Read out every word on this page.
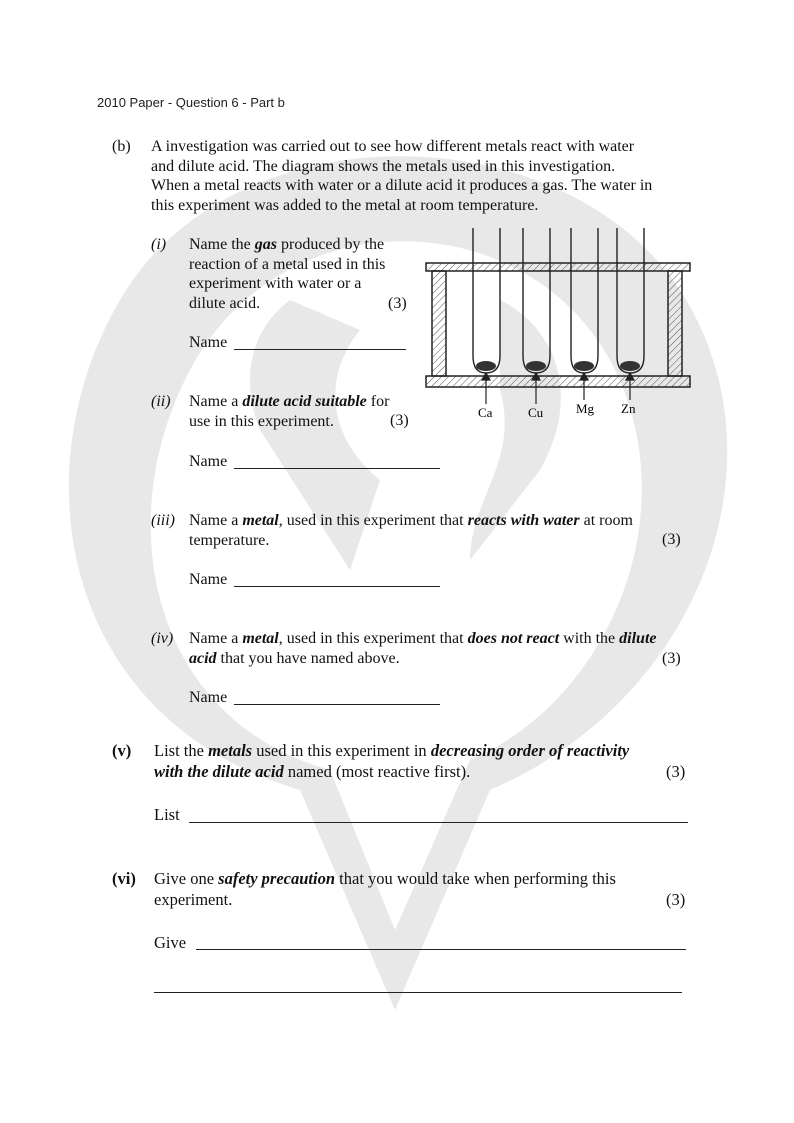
2010 Paper - Question 6 - Part b
(b) A investigation was carried out to see how different metals react with water
and dilute acid. The diagram shows the metals used in this investigation.
When a metal reacts with water or a dilute acid it produces a gas. The water in
this experiment was added to the metal at room temperature.
Ca	Cu	Mg Zn
(i) Name the gas produced by the
reaction of a metal used in this
experiment with water or a
dilute acid.	(3)
Name
(ii) Name a dilute acid suitable for
use in this experiment.	(3)
Name
(iii) Name a metal, used in this experiment that reacts with water at room
temperature.	(3)
Name
(iv) Name a metal, used in this experiment that does not react with the dilute
acid that you have named above.	(3)
Name
(v) List the metals used in this experiment in decreasing order of reactivity
with the dilute acid named (most reactive first).	(3)
List
(vi) Give one safety precaution that you would take when performing this
experiment.	(3)
Give
